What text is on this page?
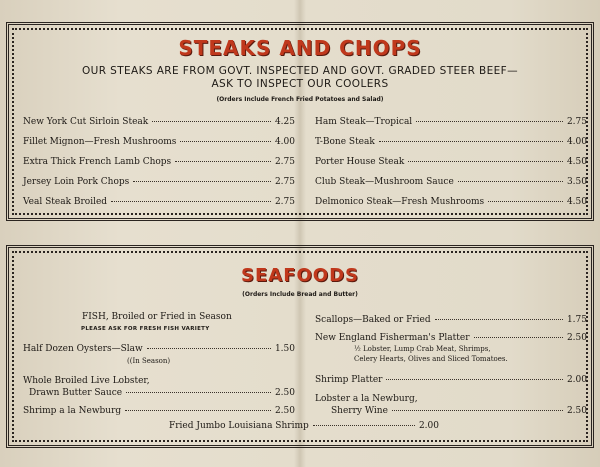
STEAKS AND CHOPS
OUR STEAKS ARE FROM GOVT. INSPECTED AND GOVT. GRADED STEER BEEF—
ASK TO INSPECT OUR COOLERS
(Orders Include French Fried Potatoes and Salad)
New York Cut Sirloin Steak	4.25
Fillet Mignon—Fresh Mushrooms	4.00
Extra Thick French Lamb Chops	2.75
Jersey Loin Pork Chops	2.75
Veal Steak Broiled	2.75
Ham Steak—Tropical	2.75
T-Bone Steak	4.00
Porter House Steak	4.50
Club Steak—Mushroom Sauce	3.50
Delmonico Steak—Fresh Mushrooms	4.50
SEAFOODS
(Orders Include Bread and Butter)
FISH, Broiled or Fried in Season
PLEASE ASK FOR FRESH FISH VARIETY
Half Dozen Oysters—Slaw	1.50
((In Season)
Whole Broiled Live Lobster,
Drawn Butter Sauce	2.50
Shrimp a la Newburg	2.50
Scallops—Baked or Fried	1.75
New England Fisherman's Platter	2.50
½ Lobster, Lump Crab Meat, Shrimps,
Celery Hearts, Olives and Sliced Tomatoes.
Shrimp Platter	2.00
Lobster a la Newburg,
Sherry Wine	2.50
Fried Jumbo Louisiana Shrimp	2.00
